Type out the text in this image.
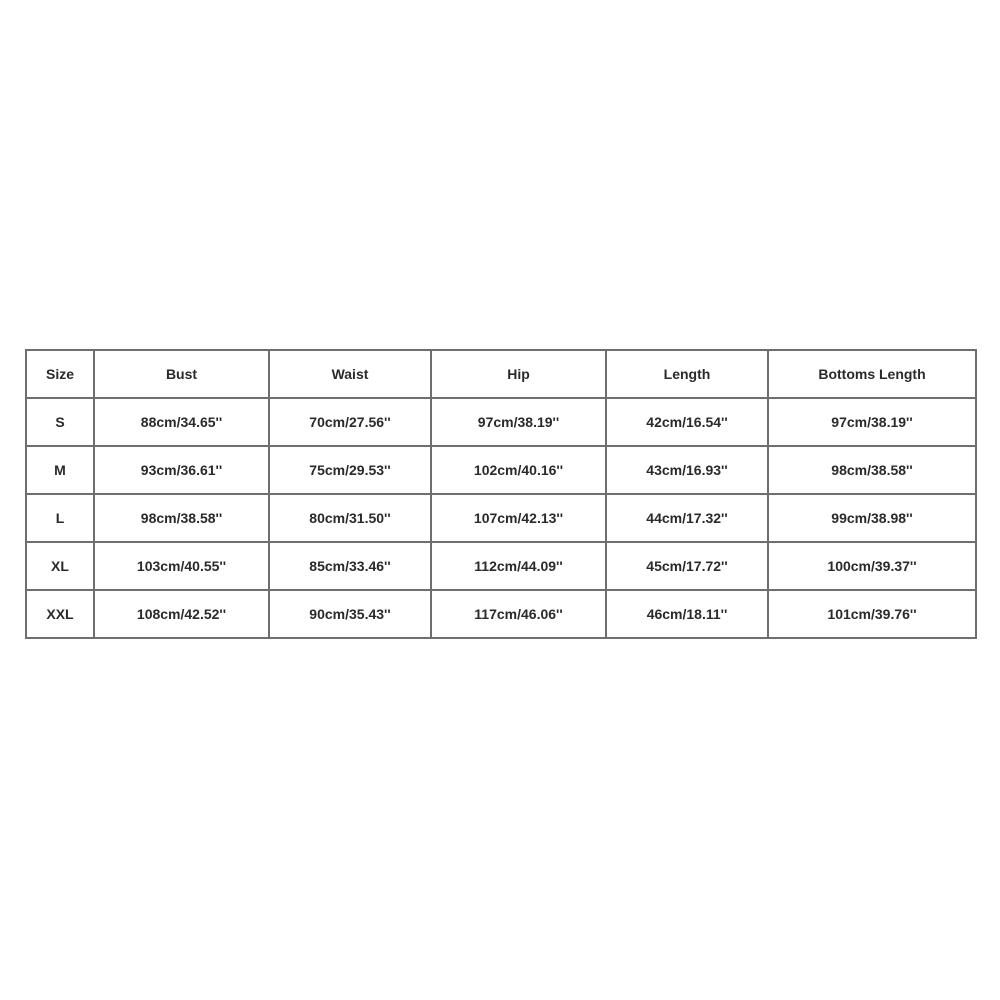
Size	Bust	Waist	Hip	Length	Bottoms Length
S	88cm/34.65''	70cm/27.56''	97cm/38.19''	42cm/16.54''	97cm/38.19''
M	93cm/36.61''	75cm/29.53''	102cm/40.16''	43cm/16.93''	98cm/38.58''
L	98cm/38.58''	80cm/31.50''	107cm/42.13''	44cm/17.32''	99cm/38.98''
XL	103cm/40.55''	85cm/33.46''	112cm/44.09''	45cm/17.72''	100cm/39.37''
XXL	108cm/42.52''	90cm/35.43''	117cm/46.06''	46cm/18.11''	101cm/39.76''
